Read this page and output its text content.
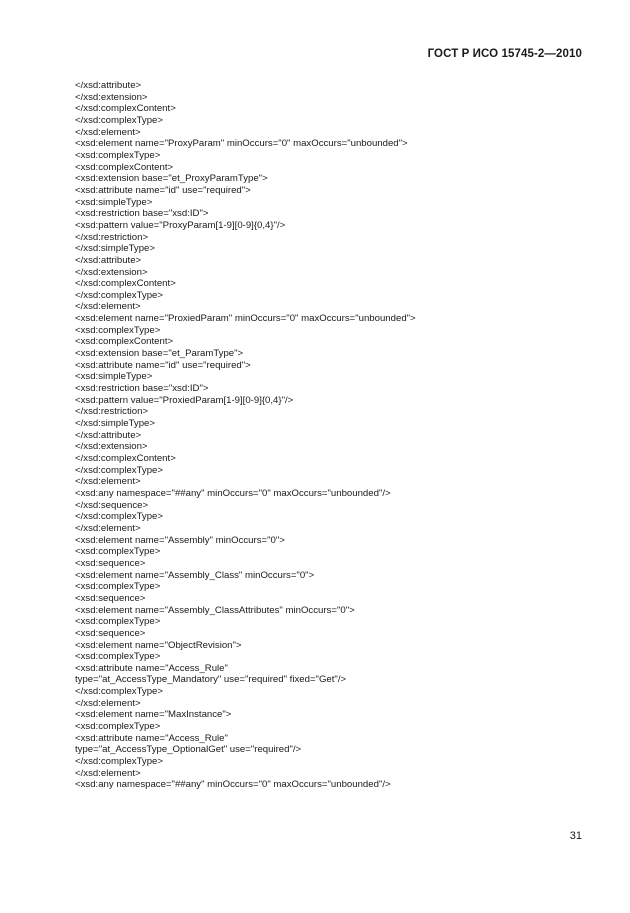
ГОСТ Р ИСО 15745-2—2010
</xsd:attribute>
</xsd:extension>
</xsd:complexContent>
</xsd:complexType>
</xsd:element>
<xsd:element name="ProxyParam" minOccurs="0" maxOccurs="unbounded">
<xsd:complexType>
<xsd:complexContent>
<xsd:extension base="et_ProxyParamType">
<xsd:attribute name="id" use="required">
<xsd:simpleType>
<xsd:restriction base="xsd:ID">
<xsd:pattern value="ProxyParam[1-9][0-9]{0,4}"/>
</xsd:restriction>
</xsd:simpleType>
</xsd:attribute>
</xsd:extension>
</xsd:complexContent>
</xsd:complexType>
</xsd:element>
<xsd:element name="ProxiedParam" minOccurs="0" maxOccurs="unbounded">
<xsd:complexType>
<xsd:complexContent>
<xsd:extension base="et_ParamType">
<xsd:attribute name="id" use="required">
<xsd:simpleType>
<xsd:restriction base="xsd:ID">
<xsd:pattern value="ProxiedParam[1-9][0-9]{0,4}"/>
</xsd:restriction>
</xsd:simpleType>
</xsd:attribute>
</xsd:extension>
</xsd:complexContent>
</xsd:complexType>
</xsd:element>
<xsd:any namespace="##any" minOccurs="0" maxOccurs="unbounded"/>
</xsd:sequence>
</xsd:complexType>
</xsd:element>
<xsd:element name="Assembly" minOccurs="0">
<xsd:complexType>
<xsd:sequence>
<xsd:element name="Assembly_Class" minOccurs="0">
<xsd:complexType>
<xsd:sequence>
<xsd:element name="Assembly_ClassAttributes" minOccurs="0">
<xsd:complexType>
<xsd:sequence>
<xsd:element name="ObjectRevision">
<xsd:complexType>
<xsd:attribute name="Access_Rule"
type="at_AccessType_Mandatory" use="required" fixed="Get"/>
</xsd:complexType>
</xsd:element>
<xsd:element name="MaxInstance">
<xsd:complexType>
<xsd:attribute name="Access_Rule"
type="at_AccessType_OptionalGet" use="required"/>
</xsd:complexType>
</xsd:element>
<xsd:any namespace="##any" minOccurs="0" maxOccurs="unbounded"/>
31
